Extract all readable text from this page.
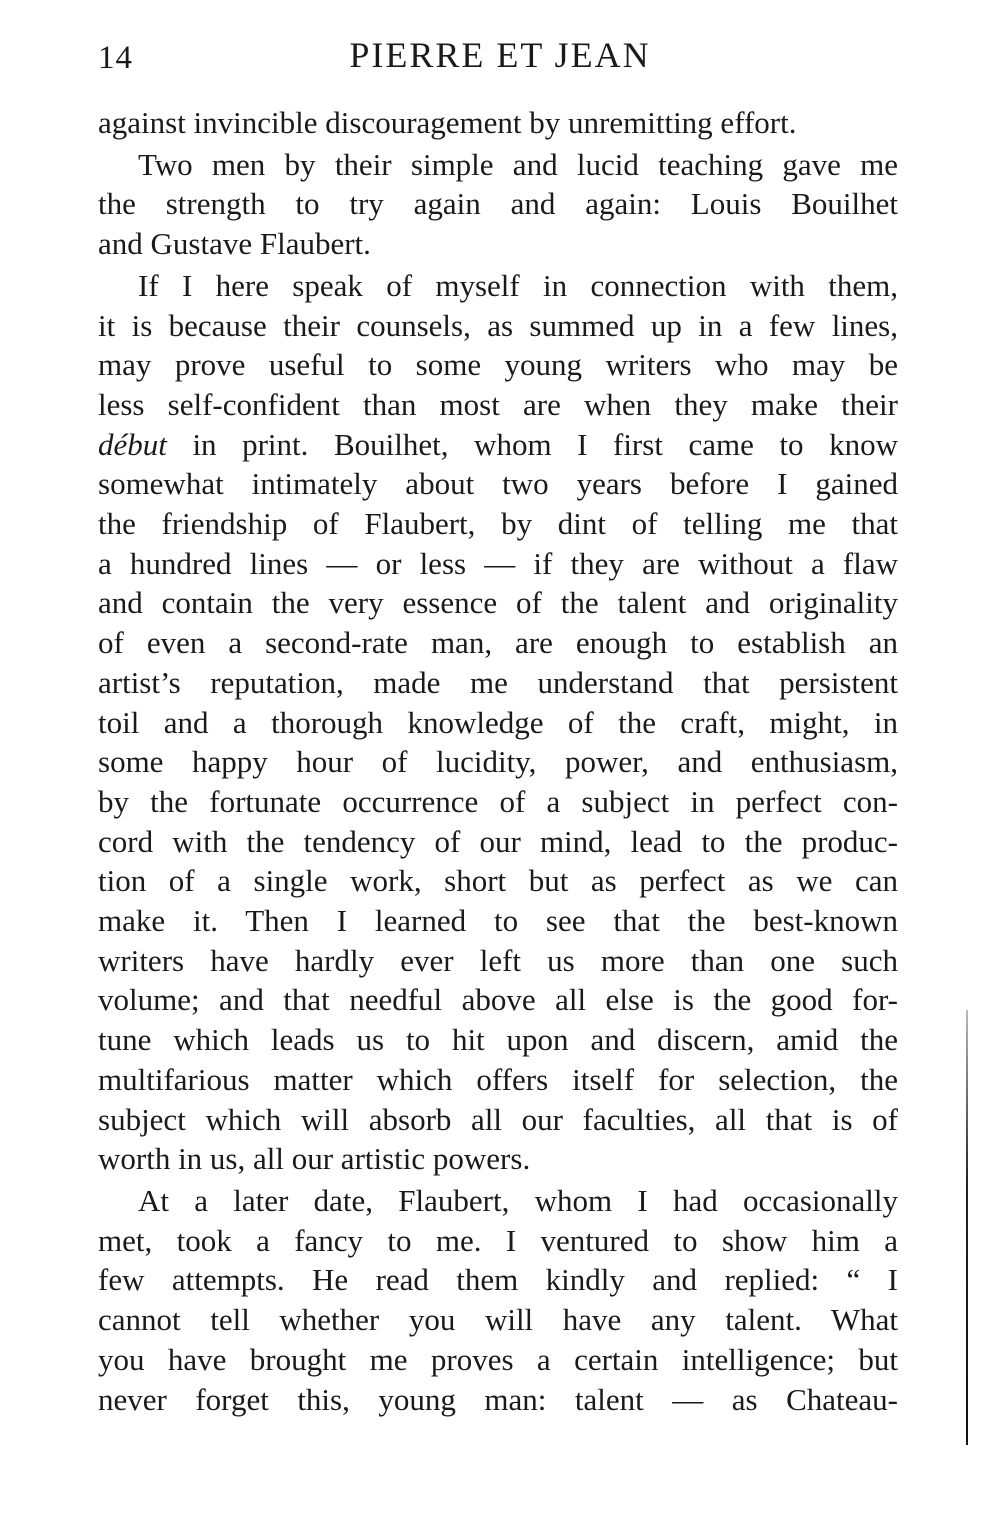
14	PIERRE ET JEAN
against invincible discouragement by unremitting effort.
Two men by their simple and lucid teaching gave me
the strength to try again and again: Louis Bouilhet
and Gustave Flaubert.
If I here speak of myself in connection with them,
it is because their counsels, as summed up in a few lines,
may prove useful to some young writers who may be
less self-confident than most are when they make their
début in print. Bouilhet, whom I first came to know
somewhat intimately about two years before I gained
the friendship of Flaubert, by dint of telling me that
a hundred lines — or less — if they are without a flaw
and contain the very essence of the talent and originality
of even a second-rate man, are enough to establish an
artist’s reputation, made me understand that persistent
toil and a thorough knowledge of the craft, might, in
some happy hour of lucidity, power, and enthusiasm,
by the fortunate occurrence of a subject in perfect con-
cord with the tendency of our mind, lead to the produc-
tion of a single work, short but as perfect as we can
make it. Then I learned to see that the best-known
writers have hardly ever left us more than one such
volume; and that needful above all else is the good for-
tune which leads us to hit upon and discern, amid the
multifarious matter which offers itself for selection, the
subject which will absorb all our faculties, all that is of
worth in us, all our artistic powers.
At a later date, Flaubert, whom I had occasionally
met, took a fancy to me. I ventured to show him a
few attempts. He read them kindly and replied: “ I
cannot tell whether you will have any talent. What
you have brought me proves a certain intelligence; but
never forget this, young man: talent — as Chateau-
